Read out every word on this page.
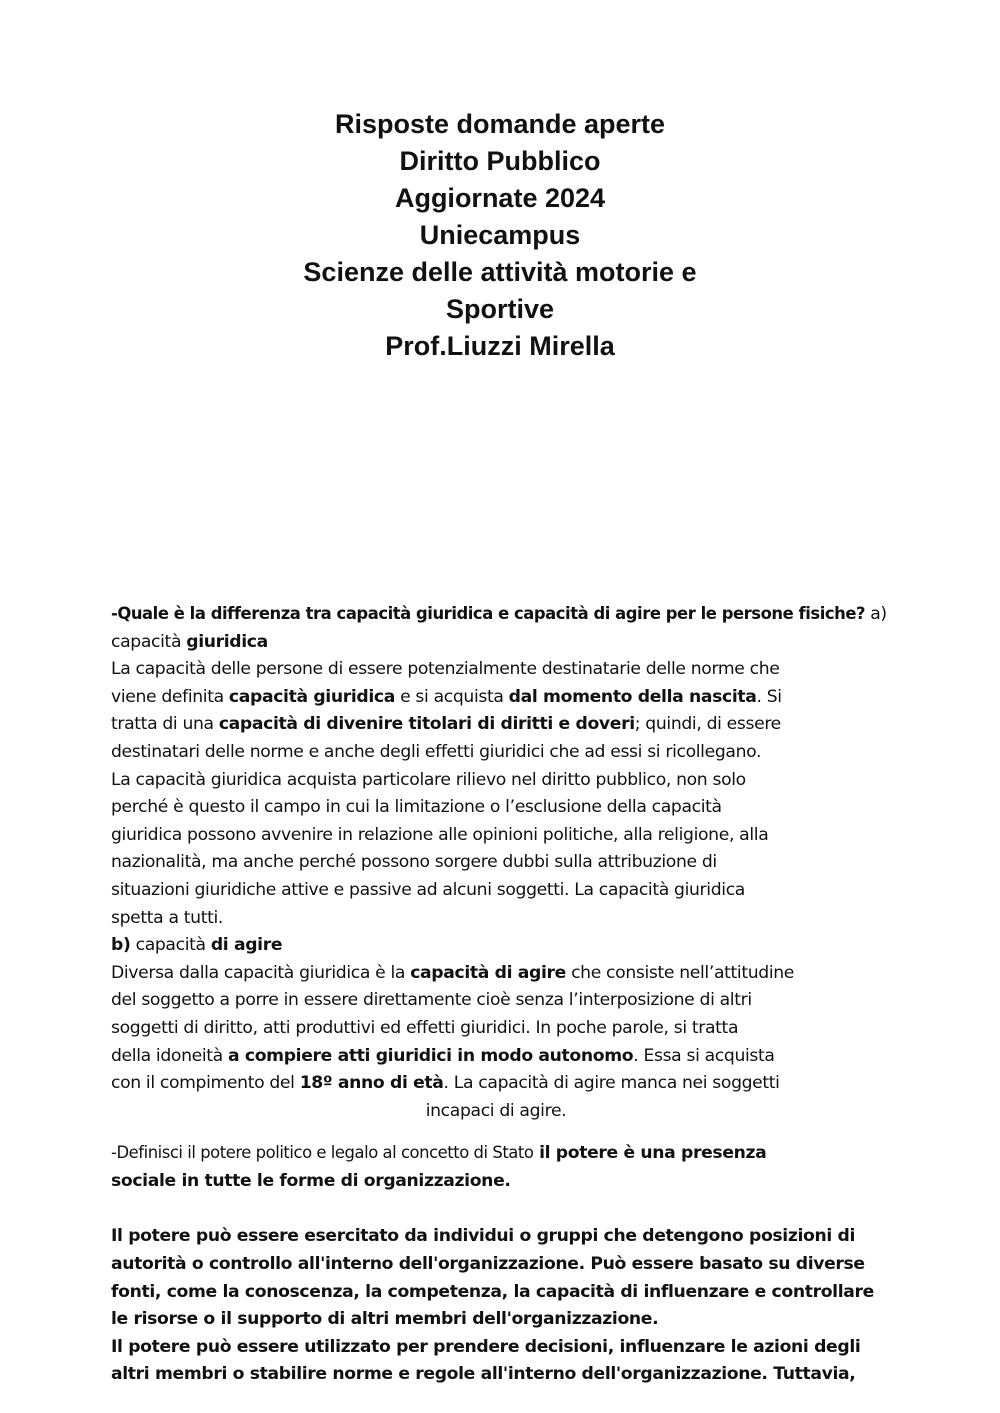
Risposte domande aperte
Diritto Pubblico
Aggiornate 2024
Uniecampus
Scienze delle attività motorie e
Sportive
Prof.Liuzzi Mirella
-Quale è la differenza tra capacità giuridica e capacità di agire per le persone fisiche? a)
capacità giuridica
La capacità delle persone di essere potenzialmente destinatarie delle norme che
viene definita capacità giuridica e si acquista dal momento della nascita. Si
tratta di una capacità di divenire titolari di diritti e doveri; quindi, di essere
destinatari delle norme e anche degli effetti giuridici che ad essi si ricollegano.
La capacità giuridica acquista particolare rilievo nel diritto pubblico, non solo
perché è questo il campo in cui la limitazione o l’esclusione della capacità
giuridica possono avvenire in relazione alle opinioni politiche, alla religione, alla
nazionalità, ma anche perché possono sorgere dubbi sulla attribuzione di
situazioni giuridiche attive e passive ad alcuni soggetti. La capacità giuridica
spetta a tutti.
b) capacità di agire
Diversa dalla capacità giuridica è la capacità di agire che consiste nell’attitudine
del soggetto a porre in essere direttamente cioè senza l’interposizione di altri
soggetti di diritto, atti produttivi ed effetti giuridici. In poche parole, si tratta
della idoneità a compiere atti giuridici in modo autonomo. Essa si acquista
con il compimento del 18º anno di età. La capacità di agire manca nei soggetti
incapaci di agire.
-Definisci il potere politico e legalo al concetto di Stato il potere è una presenza
sociale in tutte le forme di organizzazione.
Il potere può essere esercitato da individui o gruppi che detengono posizioni di
autorità o controllo all'interno dell'organizzazione. Può essere basato su diverse
fonti, come la conoscenza, la competenza, la capacità di influenzare e controllare
le risorse o il supporto di altri membri dell'organizzazione.
Il potere può essere utilizzato per prendere decisioni, influenzare le azioni degli
altri membri o stabilire norme e regole all'interno dell'organizzazione. Tuttavia,
